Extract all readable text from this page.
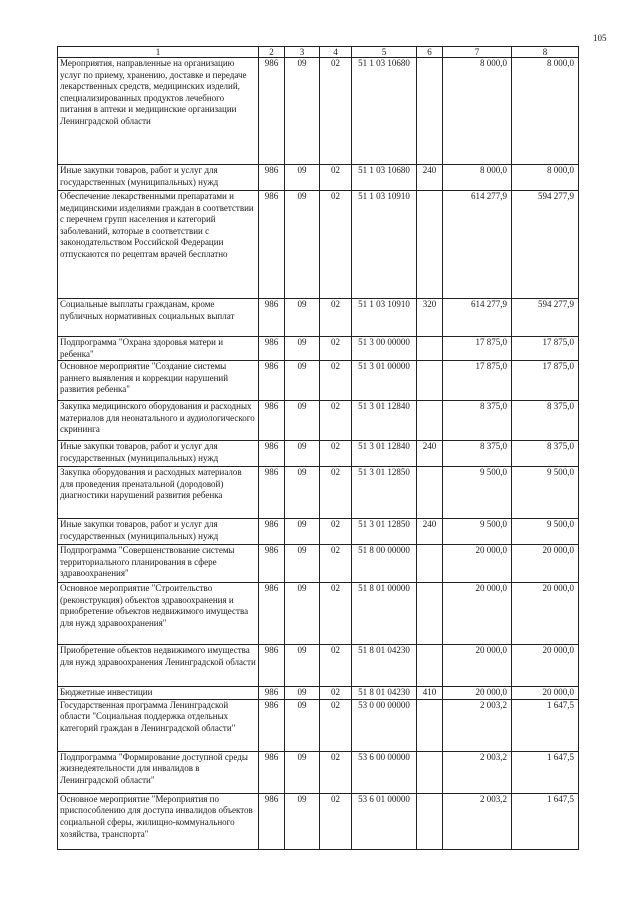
105
1	2	3	4	5	6	7	8
Мероприятия, направленные на организацию услуг по приему, хранению, доставке и передаче лекарственных средств, медицинских изделий, специализированных продуктов лечебного питания в аптеки и медицинские организации Ленинградской области	986	09	02	51 1 03 10680		8 000,0	8 000,0
Иные закупки товаров, работ и услуг для государственных (муниципальных) нужд	986	09	02	51 1 03 10680	240	8 000,0	8 000,0
Обеспечение лекарственными препаратами и медицинскими изделиями граждан в соответствии с перечнем групп населения и категорий заболеваний, которые в соответствии с законодательством Российской Федерации отпускаются по рецептам врачей бесплатно	986	09	02	51 1 03 10910		614 277,9	594 277,9
Социальные выплаты гражданам, кроме публичных нормативных социальных выплат	986	09	02	51 1 03 10910	320	614 277,9	594 277,9
Подпрограмма "Охрана здоровья матери и ребенка"	986	09	02	51 3 00 00000		17 875,0	17 875,0
Основное мероприятие "Создание системы раннего выявления и коррекции нарушений развития ребенка"	986	09	02	51 3 01 00000		17 875,0	17 875,0
Закупка медицинского оборудования и расходных материалов для неонатального и аудиологического скрининга	986	09	02	51 3 01 12840		8 375,0	8 375,0
Иные закупки товаров, работ и услуг для государственных (муниципальных) нужд	986	09	02	51 3 01 12840	240	8 375,0	8 375,0
Закупка оборудования и расходных материалов для проведения пренатальной (дородовой) диагностики нарушений развития ребенка	986	09	02	51 3 01 12850		9 500,0	9 500,0
Иные закупки товаров, работ и услуг для государственных (муниципальных) нужд	986	09	02	51 3 01 12850	240	9 500,0	9 500,0
Подпрограмма "Совершенствование системы территориального планирования в сфере здравоохранения"	986	09	02	51 8 00 00000		20 000,0	20 000,0
Основное мероприятие "Строительство (реконструкция) объектов здравоохранения и приобретение объектов недвижимого имущества для нужд здравоохранения"	986	09	02	51 8 01 00000		20 000,0	20 000,0
Приобретение объектов недвижимого имущества для нужд здравоохранения Ленинградской области	986	09	02	51 8 01 04230		20 000,0	20 000,0
Бюджетные инвестиции	986	09	02	51 8 01 04230	410	20 000,0	20 000,0
Государственная программа Ленинградской области "Социальная поддержка отдельных категорий граждан в Ленинградской области"	986	09	02	53 0 00 00000		2 003,2	1 647,5
Подпрограмма "Формирование доступной среды жизнедеятельности для инвалидов в Ленинградской области"	986	09	02	53 6 00 00000		2 003,2	1 647,5
Основное мероприятие "Мероприятия по приспособлению для доступа инвалидов объектов социальной сферы, жилищно-коммунального хозяйства, транспорта"	986	09	02	53 6 01 00000		2 003,2	1 647,5
